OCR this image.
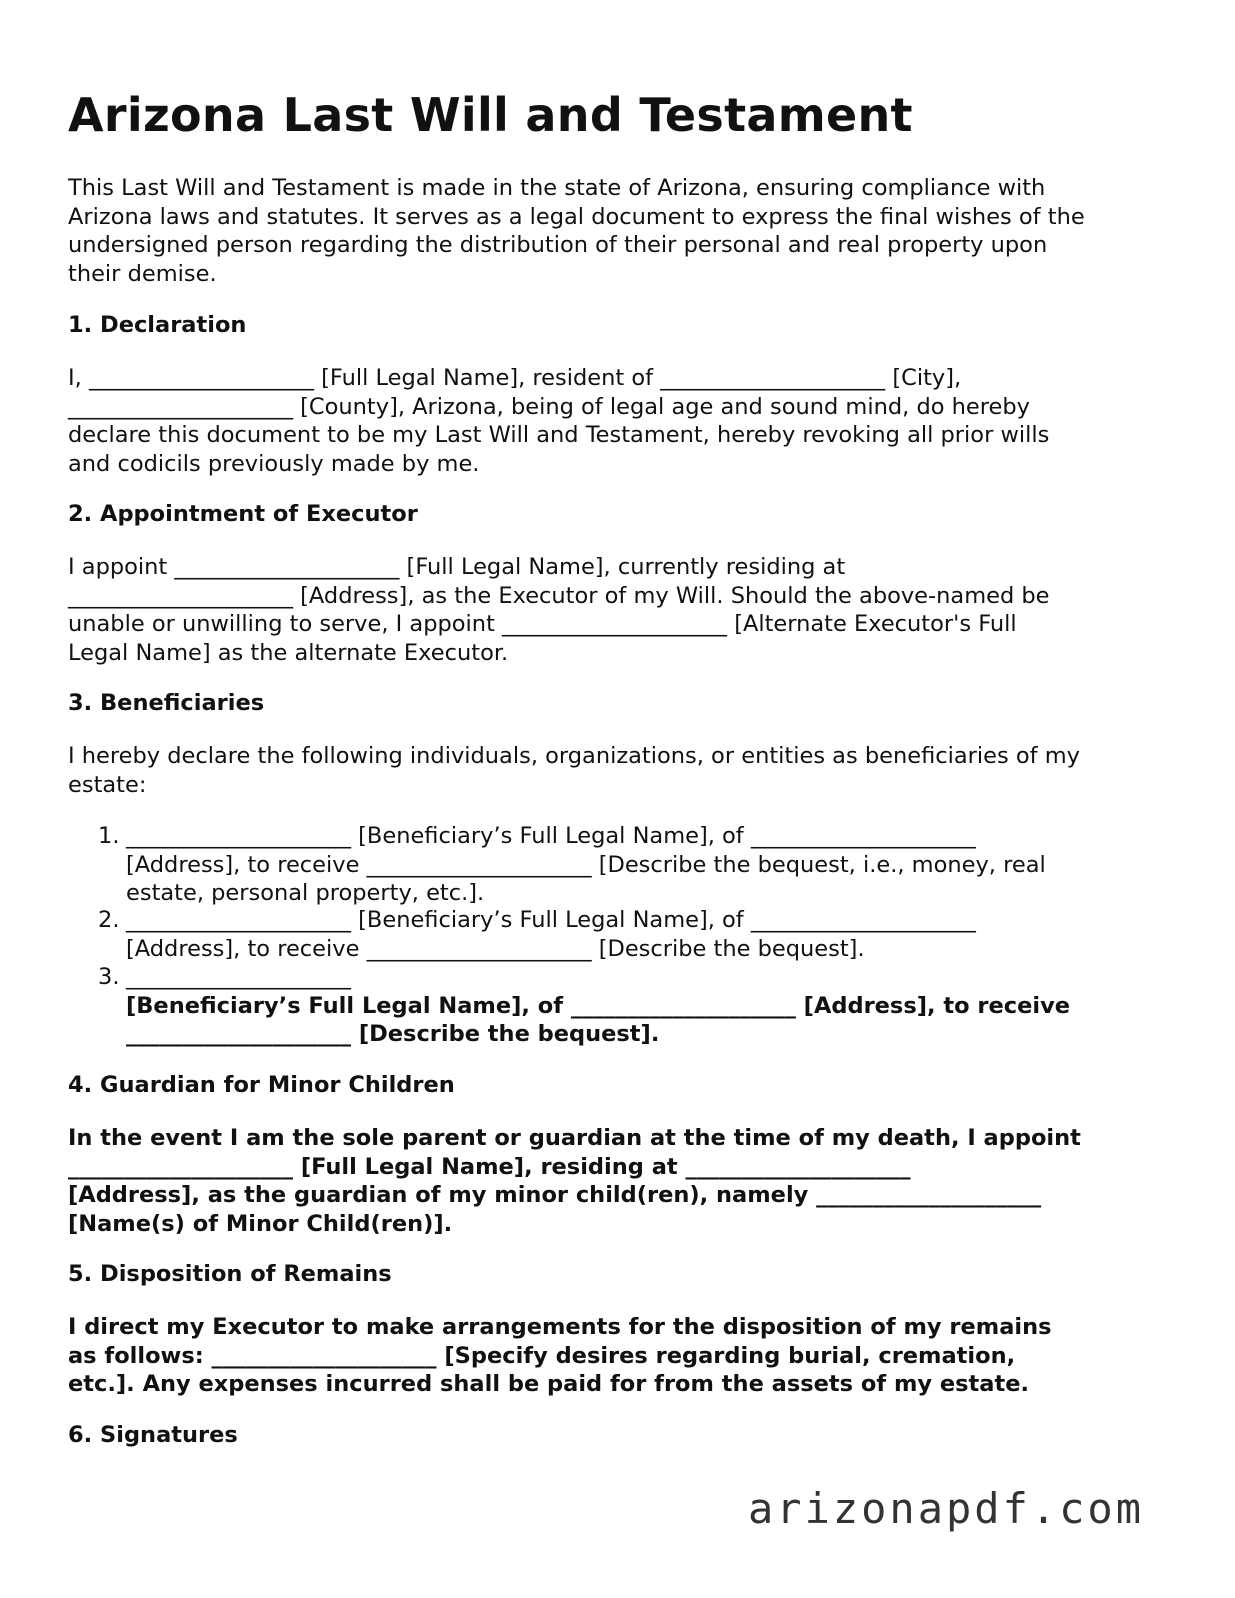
Arizona Last Will and Testament
This Last Will and Testament is made in the state of Arizona, ensuring compliance with
Arizona laws and statutes. It serves as a legal document to express the final wishes of the
undersigned person regarding the distribution of their personal and real property upon
their demise.
1. Declaration
I, ____________________ [Full Legal Name], resident of ____________________ [City],
____________________ [County], Arizona, being of legal age and sound mind, do hereby
declare this document to be my Last Will and Testament, hereby revoking all prior wills
and codicils previously made by me.
2. Appointment of Executor
I appoint ____________________ [Full Legal Name], currently residing at
____________________ [Address], as the Executor of my Will. Should the above-named be
unable or unwilling to serve, I appoint ____________________ [Alternate Executor's Full
Legal Name] as the alternate Executor.
3. Beneficiaries
I hereby declare the following individuals, organizations, or entities as beneficiaries of my
estate:
1. ____________________ [Beneficiary’s Full Legal Name], of ____________________
[Address], to receive ____________________ [Describe the bequest, i.e., money, real
estate, personal property, etc.].
2. ____________________ [Beneficiary’s Full Legal Name], of ____________________
[Address], to receive ____________________ [Describe the bequest].
3. ____________________
[Beneficiary’s Full Legal Name], of ____________________ [Address], to receive
____________________ [Describe the bequest].
4. Guardian for Minor Children
In the event I am the sole parent or guardian at the time of my death, I appoint
____________________ [Full Legal Name], residing at ____________________
[Address], as the guardian of my minor child(ren), namely ____________________
[Name(s) of Minor Child(ren)].
5. Disposition of Remains
I direct my Executor to make arrangements for the disposition of my remains
as follows: ____________________ [Specify desires regarding burial, cremation,
etc.]. Any expenses incurred shall be paid for from the assets of my estate.
6. Signatures
arizonapdf.com
